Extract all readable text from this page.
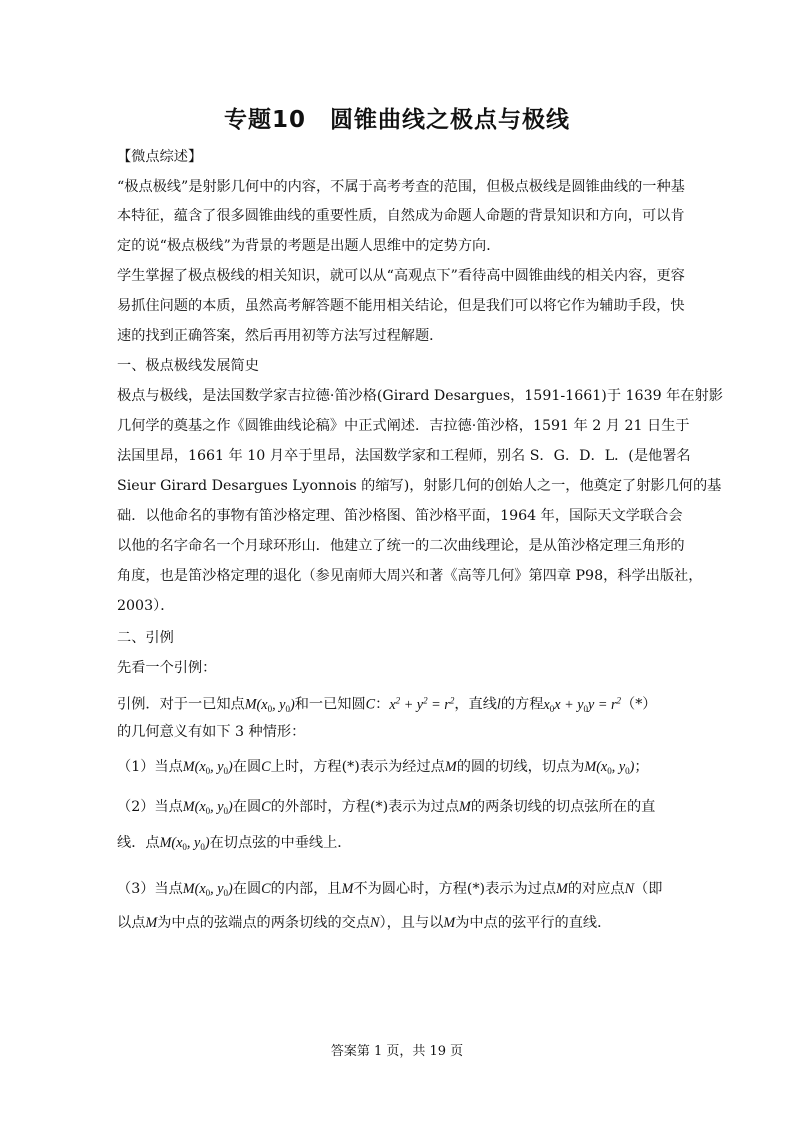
专题10　圆锥曲线之极点与极线
【微点综述】
“极点极线”是射影几何中的内容，不属于高考考查的范围，但极点极线是圆锥曲线的一种基
本特征，蕴含了很多圆锥曲线的重要性质，自然成为命题人命题的背景知识和方向，可以肯
定的说“极点极线”为背景的考题是出题人思维中的定势方向．
学生掌握了极点极线的相关知识，就可以从“高观点下”看待高中圆锥曲线的相关内容，更容
易抓住问题的本质，虽然高考解答题不能用相关结论，但是我们可以将它作为辅助手段，快
速的找到正确答案，然后再用初等方法写过程解题．
一、极点极线发展简史
极点与极线，是法国数学家吉拉德·笛沙格(Girard Desargues，1591-1661)于 1639 年在射影
几何学的奠基之作《圆锥曲线论稿》中正式阐述．吉拉德·笛沙格，1591 年 2 月 21 日生于
法国里昂，1661 年 10 月卒于里昂，法国数学家和工程师，别名 S．G．D．L．(是他署名
Sieur Girard Desargues Lyonnois 的缩写)，射影几何的创始人之一，他奠定了射影几何的基
础．以他命名的事物有笛沙格定理、笛沙格图、笛沙格平面，1964 年，国际天文学联合会
以他的名字命名一个月球环形山．他建立了统一的二次曲线理论，是从笛沙格定理三角形的
角度，也是笛沙格定理的退化（参见南师大周兴和著《高等几何》第四章 P98，科学出版社，
2003）．
二、引例
先看一个引例：
引例．对于一已知点$M(x_0$, $y_0$)和一已知圆C：$x^2 + y^2 = r^2$，直线l的方程$x_0x + y_0y = r^2(*)$
的几何意义有如下 3 种情形：
（1）当点$M(x_0$, $y_0$)在圆C上时，方程(*)表示为经过点M的圆的切线，切点为$M(x_0$, $y_0$)；
（2）当点$M(x_0$, $y_0$)在圆C的外部时，方程(*)表示为过点M的两条切线的切点弦所在的直
线．点$M(x_0$, $y_0$)在切点弦的中垂线上．
（3）当点$M(x_0$, $y_0$)在圆C的内部，且M不为圆心时，方程(*)表示为过点M的对应点N（即
以点M为中点的弦端点的两条切线的交点N），且与以M为中点的弦平行的直线．
答案第 1 页，共 19 页
